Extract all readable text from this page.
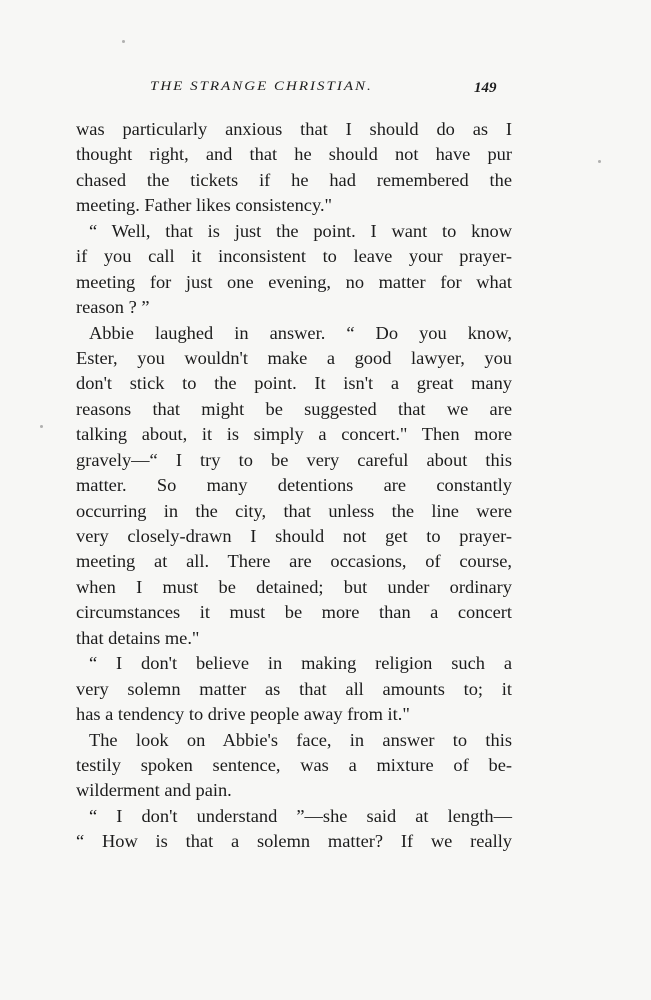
THE STRANGE CHRISTIAN.	149
was particularly anxious that I should do as I
thought right, and that he should not have pur
chased the tickets if he had remembered the
meeting. Father likes consistency."
“ Well, that is just the point. I want to know
if you call it inconsistent to leave your prayer-
meeting for just one evening, no matter for what
reason ? ”
Abbie laughed in answer. “ Do you know,
Ester, you wouldn't make a good lawyer, you
don't stick to the point. It isn't a great many
reasons that might be suggested that we are
talking about, it is simply a concert." Then more
gravely—“ I try to be very careful about this
matter. So many detentions are constantly
occurring in the city, that unless the line were
very closely-drawn I should not get to prayer-
meeting at all. There are occasions, of course,
when I must be detained; but under ordinary
circumstances it must be more than a concert
that detains me."
“ I don't believe in making religion such a
very solemn matter as that all amounts to; it
has a tendency to drive people away from it."
The look on Abbie's face, in answer to this
testily spoken sentence, was a mixture of be-
wilderment and pain.
“ I don't understand ”—she said at length—
“ How is that a solemn matter? If we really
